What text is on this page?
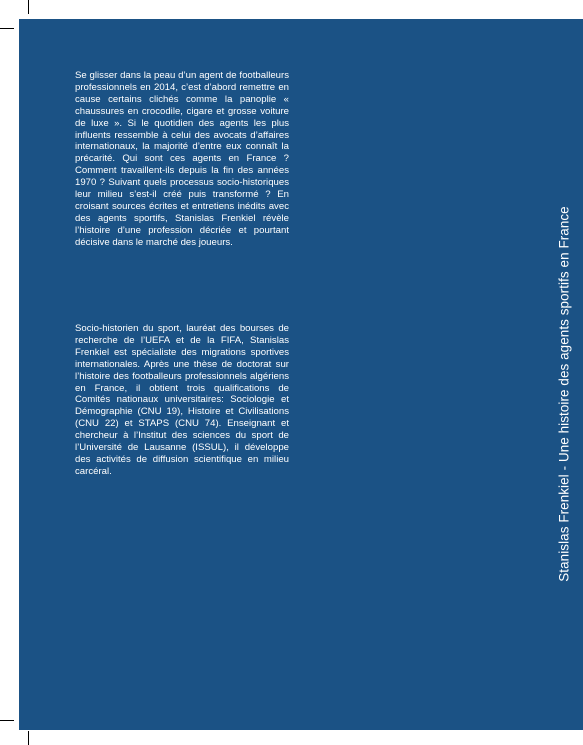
Se glisser dans la peau d’un agent de footballeurs professionnels en 2014, c’est d’abord remettre en cause certains clichés comme la panoplie « chaussures en crocodile, cigare et grosse voiture de luxe ». Si le quotidien des agents les plus influents ressemble à celui des avocats d’affaires internationaux, la majorité d’entre eux connaît la précarité. Qui sont ces agents en France ? Comment travaillent-ils depuis la fin des années 1970 ? Suivant quels processus socio-historiques leur milieu s’est-il créé puis transformé ? En croisant sources écrites et entretiens inédits avec des agents sportifs, Stanislas Frenkiel révèle l’histoire d’une profession décriée et pourtant décisive dans le marché des joueurs.

Socio-historien du sport, lauréat des bourses de recherche de l’UEFA et de la FIFA, Stanislas Frenkiel est spécialiste des migrations sportives internationales. Après une thèse de doctorat sur l’histoire des footballeurs professionnels algériens en France, il obtient trois qualifications de Comités nationaux universitaires: Sociologie et Démographie (CNU 19), Histoire et Civilisations (CNU 22) et STAPS (CNU 74). Enseignant et chercheur à l’Institut des sciences du sport de l’Université de Lausanne (ISSUL), il développe des activités de diffusion scientifique en milieu carcéral.	Stanislas Frenkiel - Une histoire des agents sportifs en France
